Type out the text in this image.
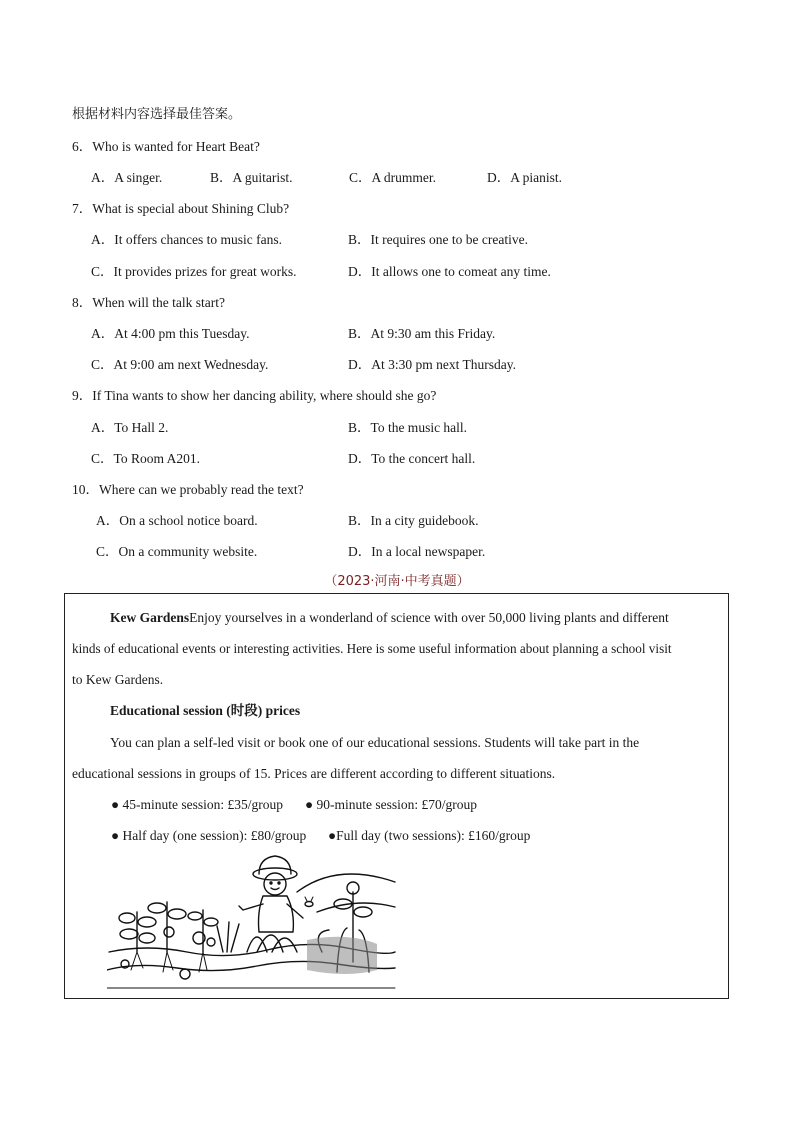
根据材料内容选择最佳答案。
6．Who is wanted for Heart Beat?
A．A singer.	B．A guitarist.	C．A drummer.	D．A pianist.
7．What is special about Shining Club?
A．It offers chances to music fans.	B．It requires one to be creative.
C．It provides prizes for great works.	D．It allows one to comeat any time.
8．When will the talk start?
A．At 4:00 pm this Tuesday.	B．At 9:30 am this Friday.
C．At 9:00 am next Wednesday.	D．At 3:30 pm next Thursday.
9．If Tina wants to show her dancing ability, where should she go?
A．To Hall 2.	B．To the music hall.
C．To Room A201.	D．To the concert hall.
10．Where can we probably read the text?
A．On a school notice board.	B．In a city guidebook.
C．On a community website.	D．In a local newspaper.
（2023·河南·中考真题）
Kew GardensEnjoy yourselves in a wonderland of science with over 50,000 living plants and different
kinds of educational events or interesting activities. Here is some useful information about planning a school visit
to Kew Gardens.
Educational session (时段) prices
You can plan a self-led visit or book one of our educational sessions. Students will take part in the
educational sessions in groups of 15. Prices are different according to different situations.
● 45-minute session: £35/group ● 90-minute session: £70/group
● Half day (one session): £80/group ●Full day (two sessions): £160/group
